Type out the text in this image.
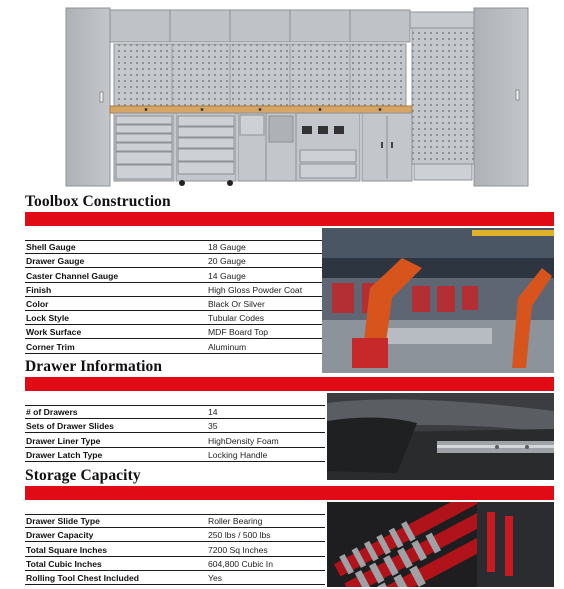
Toolbox Construction
Shell Gauge	18 Gauge
Drawer Gauge	20 Gauge
Caster Channel Gauge	14 Gauge
Finish	High Gloss Powder Coat
Color	Black Or Silver
Lock Style	Tubular Codes
Work Surface	MDF Board Top
Corner Trim	Aluminum
Drawer Information
# of Drawers	14
Sets of Drawer Slides	35
Drawer Liner Type	HighDensity Foam
Drawer Latch Type	Locking Handle
Storage Capacity
Drawer Slide Type	Roller Bearing
Drawer Capacity	250 lbs / 500 lbs
Total Square Inches	7200 Sq Inches
Total Cubic Inches	604,800 Cubic In
Rolling Tool Chest Included	Yes
